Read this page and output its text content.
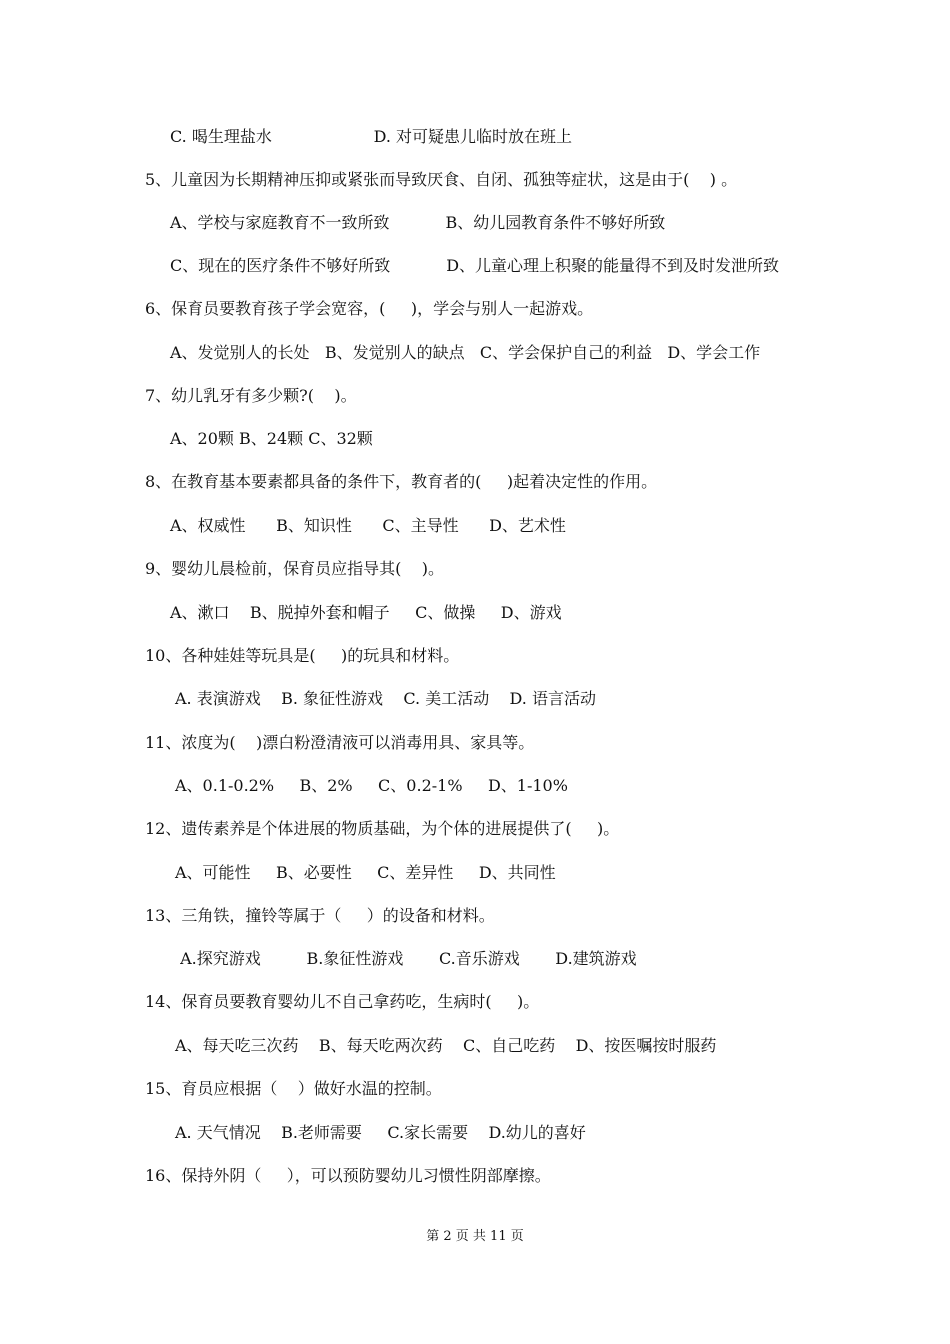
C. 喝生理盐水                    D. 对可疑患儿临时放在班上
5、儿童因为长期精神压抑或紧张而导致厌食、自闭、孤独等症状，这是由于(    ) 。
A、学校与家庭教育不一致所致           B、幼儿园教育条件不够好所致
C、现在的医疗条件不够好所致           D、儿童心理上积聚的能量得不到及时发泄所致
6、保育员要教育孩子学会宽容，(     )，学会与别人一起游戏。
A、发觉别人的长处   B、发觉别人的缺点   C、学会保护自己的利益   D、学会工作
7、幼儿乳牙有多少颗?(    )。
A、20颗 B、24颗 C、32颗
8、在教育基本要素都具备的条件下，教育者的(     )起着决定性的作用。
A、权威性      B、知识性      C、主导性      D、艺术性
9、婴幼儿晨检前，保育员应指导其(    )。
A、漱口    B、脱掉外套和帽子     C、做操     D、游戏
10、各种娃娃等玩具是(     )的玩具和材料。
A. 表演游戏    B. 象征性游戏    C. 美工活动    D. 语言活动
11、浓度为(    )漂白粉澄清液可以消毒用具、家具等。
A、0.1-0.2%     B、2%     C、0.2-1%     D、1-10%
12、遗传素养是个体进展的物质基础，为个体的进展提供了(     )。
A、可能性     B、必要性     C、差异性     D、共同性
13、三角铁，撞铃等属于（     ）的设备和材料。
A.探究游戏         B.象征性游戏       C.音乐游戏       D.建筑游戏
14、保育员要教育婴幼儿不自己拿药吃，生病时(     )。
A、每天吃三次药    B、每天吃两次药    C、自己吃药    D、按医嘱按时服药
15、育员应根据（    ）做好水温的控制。
A. 天气情况    B.老师需要     C.家长需要    D.幼儿的喜好
16、保持外阴（     ），可以预防婴幼儿习惯性阴部摩擦。
第 2 页 共 11 页
